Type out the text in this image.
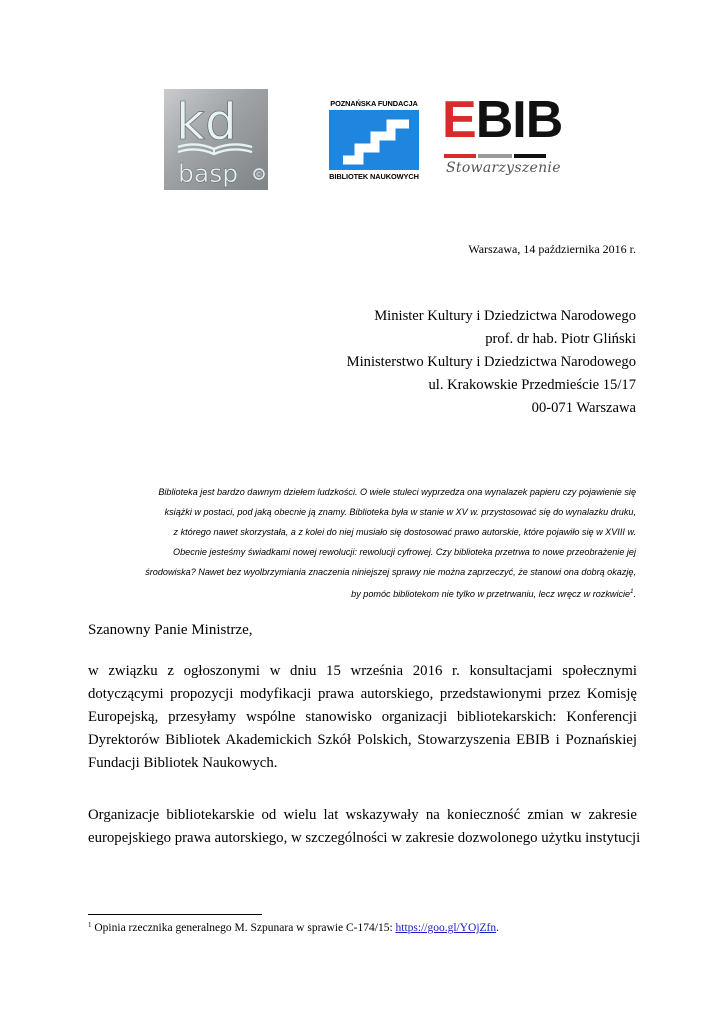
kd
basp ©
POZNAŃSKA FUNDACJA
BIBLIOTEK NAUKOWYCH
EBIB
Stowarzyszenie
Warszawa, 14 października 2016 r.
Minister Kultury i Dziedzictwa Narodowego
prof. dr hab. Piotr Gliński
Ministerstwo Kultury i Dziedzictwa Narodowego
ul. Krakowskie Przedmieście 15/17
00-071 Warszawa
Biblioteka jest bardzo dawnym dziełem ludzkości. O wiele stuleci wyprzedza ona wynalazek papieru czy pojawienie się
książki w postaci, pod jaką obecnie ją znamy. Biblioteka była w stanie w XV w. przystosować się do wynalazku druku,
z którego nawet skorzystała, a z kolei do niej musiało się dostosować prawo autorskie, które pojawiło się w XVIII w.
Obecnie jesteśmy świadkami nowej rewolucji: rewolucji cyfrowej. Czy biblioteka przetrwa to nowe przeobrażenie jej
środowiska? Nawet bez wyolbrzymiania znaczenia niniejszej sprawy nie można zaprzeczyć, że stanowi ona dobrą okazję,
by pomóc bibliotekom nie tylko w przetrwaniu, lecz wręcz w rozkwicie$^1$.
Szanowny Panie Ministrze,
w związku z ogłoszonymi w dniu 15 września 2016 r. konsultacjami społecznymi
dotyczącymi propozycji modyfikacji prawa autorskiego, przedstawionymi przez Komisję
Europejską, przesyłamy wspólne stanowisko organizacji bibliotekarskich: Konferencji
Dyrektorów Bibliotek Akademickich Szkół Polskich, Stowarzyszenia EBIB i Poznańskiej
Fundacji Bibliotek Naukowych.
Organizacje bibliotekarskie od wielu lat wskazywały na konieczność zmian w zakresie
europejskiego prawa autorskiego, w szczególności w zakresie dozwolonego użytku instytucji
$^1$ Opinia rzecznika generalnego M. Szpunara w sprawie C‑174/15: https://goo.gl/YOjZfn.
